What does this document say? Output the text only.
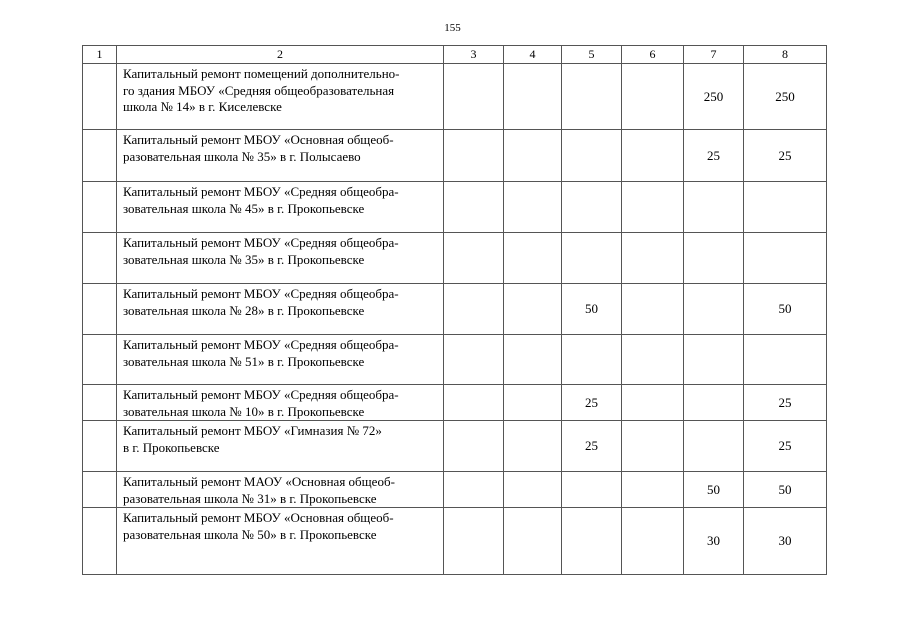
155
1	2	3	4	5	6	7	8
	Капитальный ремонт помещений дополнительно-
го здания МБОУ «Средняя общеобразовательная
школа № 14» в г. Киселевске					250	250
	Капитальный ремонт МБОУ «Основная общеоб-
разовательная школа № 35» в г. Полысаево					25	25
	Капитальный ремонт МБОУ «Средняя общеобра-
зовательная школа № 45» в г. Прокопьевске						
	Капитальный ремонт МБОУ «Средняя общеобра-
зовательная школа № 35» в г. Прокопьевске						
	Капитальный ремонт МБОУ «Средняя общеобра-
зовательная школа № 28» в г. Прокопьевске			50			50
	Капитальный ремонт МБОУ «Средняя общеобра-
зовательная школа № 51» в г. Прокопьевске						
	Капитальный ремонт МБОУ «Средняя общеобра-
зовательная школа № 10» в г. Прокопьевске			25			25
	Капитальный ремонт МБОУ «Гимназия № 72»
в г. Прокопьевске			25			25
	Капитальный ремонт МАОУ «Основная общеоб-
разовательная школа № 31» в г. Прокопьевске					50	50
	Капитальный ремонт МБОУ «Основная общеоб-
разовательная школа № 50» в г. Прокопьевске					30	30
